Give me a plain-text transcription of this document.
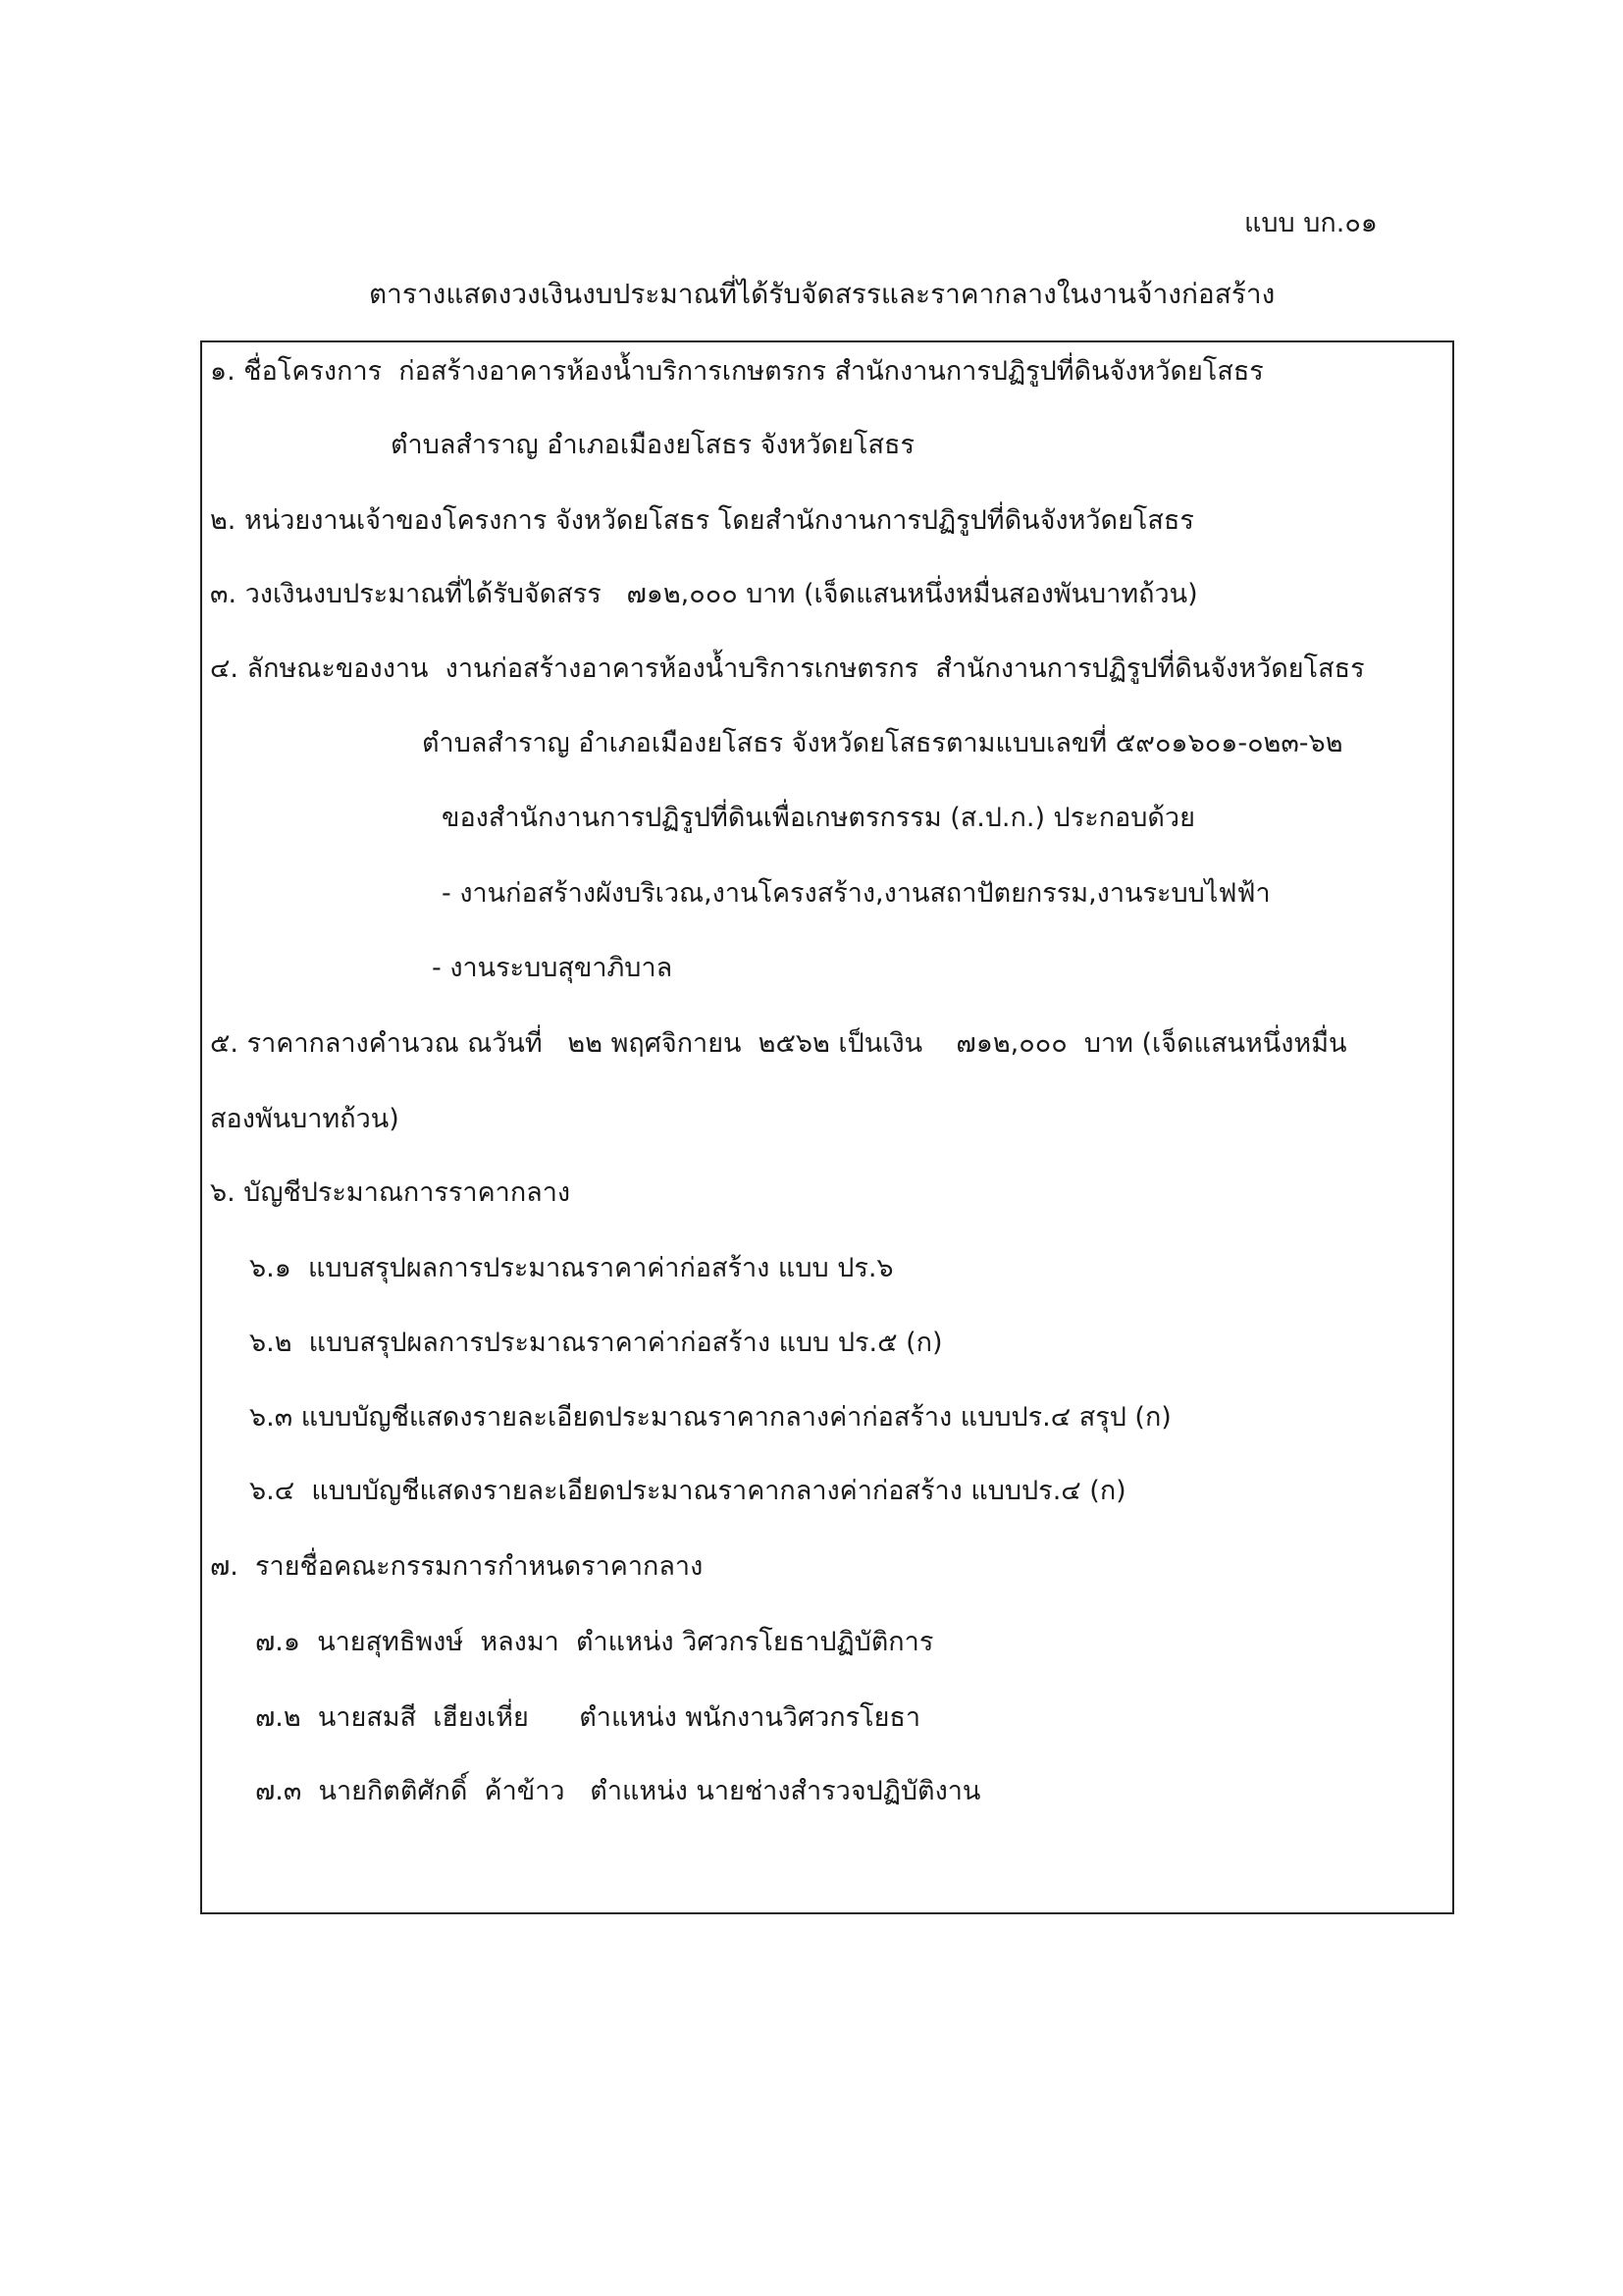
แบบ บก.๐๑
ตารางแสดงวงเงินงบประมาณที่ได้รับจัดสรรและราคากลางในงานจ้างก่อสร้าง
๑. ชื่อโครงการ  ก่อสร้างอาคารห้องน้ำบริการเกษตรกร สำนักงานการปฏิรูปที่ดินจังหวัดยโสธร
ตำบลสำราญ อำเภอเมืองยโสธร จังหวัดยโสธร
๒. หน่วยงานเจ้าของโครงการ จังหวัดยโสธร โดยสำนักงานการปฏิรูปที่ดินจังหวัดยโสธร
๓. วงเงินงบประมาณที่ได้รับจัดสรร   ๗๑๒,๐๐๐ บาท (เจ็ดแสนหนึ่งหมื่นสองพันบาทถ้วน)
๔. ลักษณะของงาน  งานก่อสร้างอาคารห้องน้ำบริการเกษตรกร  สำนักงานการปฏิรูปที่ดินจังหวัดยโสธร
ตำบลสำราญ อำเภอเมืองยโสธร จังหวัดยโสธรตามแบบเลขที่ ๕๙๐๑๖๐๑-๐๒๓-๖๒
ของสำนักงานการปฏิรูปที่ดินเพื่อเกษตรกรรม (ส.ป.ก.) ประกอบด้วย
- งานก่อสร้างผังบริเวณ,งานโครงสร้าง,งานสถาปัตยกรรม,งานระบบไฟฟ้า
- งานระบบสุขาภิบาล
๕. ราคากลางคำนวณ ณวันที่   ๒๒ พฤศจิกายน  ๒๕๖๒ เป็นเงิน    ๗๑๒,๐๐๐  บาท (เจ็ดแสนหนึ่งหมื่น
สองพันบาทถ้วน)
๖. บัญชีประมาณการราคากลาง
๖.๑  แบบสรุปผลการประมาณราคาค่าก่อสร้าง แบบ ปร.๖
๖.๒  แบบสรุปผลการประมาณราคาค่าก่อสร้าง แบบ ปร.๕ (ก)
๖.๓ แบบบัญชีแสดงรายละเอียดประมาณราคากลางค่าก่อสร้าง แบบปร.๔ สรุป (ก)
๖.๔  แบบบัญชีแสดงรายละเอียดประมาณราคากลางค่าก่อสร้าง แบบปร.๔ (ก)
๗.  รายชื่อคณะกรรมการกำหนดราคากลาง
๗.๑  นายสุทธิพงษ์  หลงมา  ตำแหน่ง วิศวกรโยธาปฏิบัติการ
๗.๒  นายสมสี  เฮียงเหี่ย      ตำแหน่ง พนักงานวิศวกรโยธา
๗.๓  นายกิตติศักดิ์  ค้าข้าว   ตำแหน่ง นายช่างสำรวจปฏิบัติงาน
